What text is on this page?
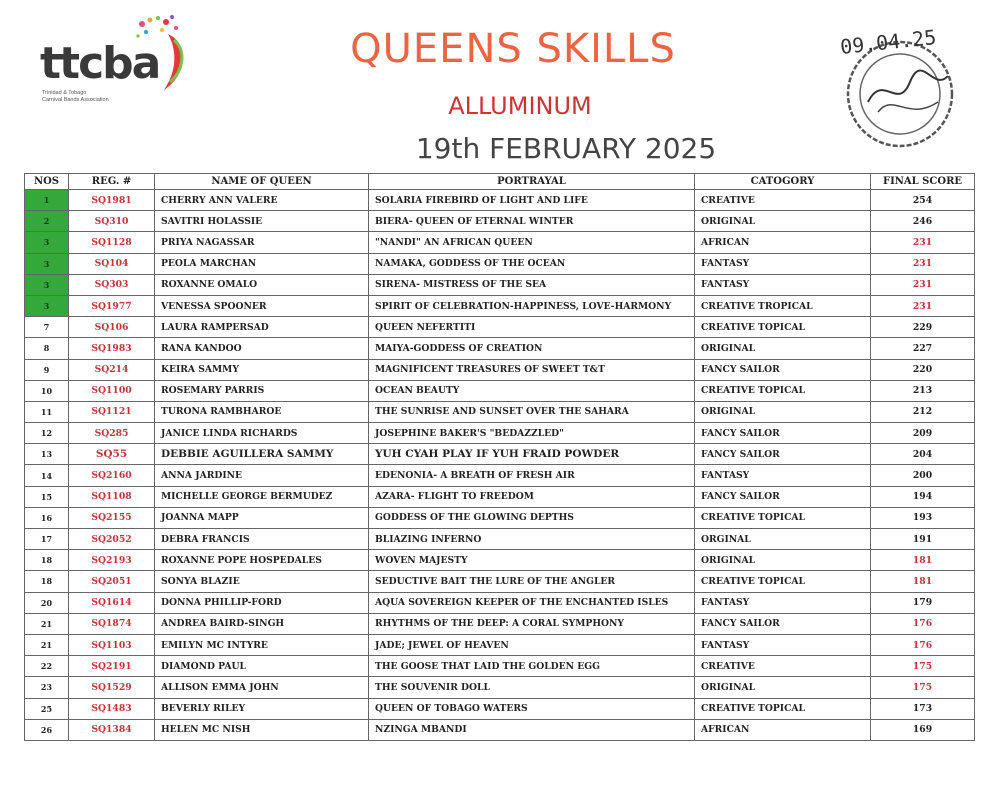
ttcba
Trinidad & Tobago
Carnival Bands Association
QUEENS SKILLS
ALLUMINUM
19th FEBRUARY 2025
09.04.25
NOS	REG. #	NAME OF QUEEN	PORTRAYAL	CATOGORY	FINAL SCORE
1	SQ1981	CHERRY ANN VALERE	SOLARIA FIREBIRD OF LIGHT AND LIFE	CREATIVE	254
2	SQ310	SAVITRI HOLASSIE	BIERA- QUEEN OF ETERNAL WINTER	ORIGINAL	246
3	SQ1128	PRIYA NAGASSAR	"NANDI" AN AFRICAN QUEEN	AFRICAN	231
3	SQ104	PEOLA MARCHAN	NAMAKA, GODDESS OF THE OCEAN	FANTASY	231
3	SQ303	ROXANNE OMALO	SIRENA- MISTRESS OF THE SEA	FANTASY	231
3	SQ1977	VENESSA SPOONER	SPIRIT OF CELEBRATION-HAPPINESS, LOVE-HARMONY	CREATIVE TROPICAL	231
7	SQ106	LAURA RAMPERSAD	QUEEN NEFERTITI	CREATIVE TOPICAL	229
8	SQ1983	RANA KANDOO	MAIYA-GODDESS OF CREATION	ORIGINAL	227
9	SQ214	KEIRA SAMMY	MAGNIFICENT TREASURES OF SWEET T&T	FANCY SAILOR	220
10	SQ1100	ROSEMARY PARRIS	OCEAN BEAUTY	CREATIVE TOPICAL	213
11	SQ1121	TURONA RAMBHAROE	THE SUNRISE AND SUNSET OVER THE SAHARA	ORIGINAL	212
12	SQ285	JANICE LINDA RICHARDS	JOSEPHINE BAKER'S "BEDAZZLED"	FANCY SAILOR	209
13	SQ55	DEBBIE AGUILLERA SAMMY	YUH CYAH PLAY IF YUH FRAID POWDER	FANCY SAILOR	204
14	SQ2160	ANNA JARDINE	EDENONIA- A BREATH OF FRESH AIR	FANTASY	200
15	SQ1108	MICHELLE GEORGE BERMUDEZ	AZARA- FLIGHT TO FREEDOM	FANCY SAILOR	194
16	SQ2155	JOANNA MAPP	GODDESS OF THE GLOWING DEPTHS	CREATIVE TOPICAL	193
17	SQ2052	DEBRA FRANCIS	BLIAZING INFERNO	ORGINAL	191
18	SQ2193	ROXANNE POPE HOSPEDALES	WOVEN MAJESTY	ORIGINAL	181
18	SQ2051	SONYA BLAZIE	SEDUCTIVE BAIT THE LURE OF THE ANGLER	CREATIVE TOPICAL	181
20	SQ1614	DONNA PHILLIP-FORD	AQUA SOVEREIGN KEEPER OF THE ENCHANTED ISLES	FANTASY	179
21	SQ1874	ANDREA BAIRD-SINGH	RHYTHMS OF THE DEEP: A CORAL SYMPHONY	FANCY SAILOR	176
21	SQ1103	EMILYN MC INTYRE	JADE; JEWEL OF HEAVEN	FANTASY	176
22	SQ2191	DIAMOND PAUL	THE GOOSE THAT LAID THE GOLDEN EGG	CREATIVE	175
23	SQ1529	ALLISON EMMA JOHN	THE SOUVENIR DOLL	ORIGINAL	175
25	SQ1483	BEVERLY RILEY	QUEEN OF TOBAGO WATERS	CREATIVE TOPICAL	173
26	SQ1384	HELEN MC NISH	NZINGA MBANDI	AFRICAN	169
